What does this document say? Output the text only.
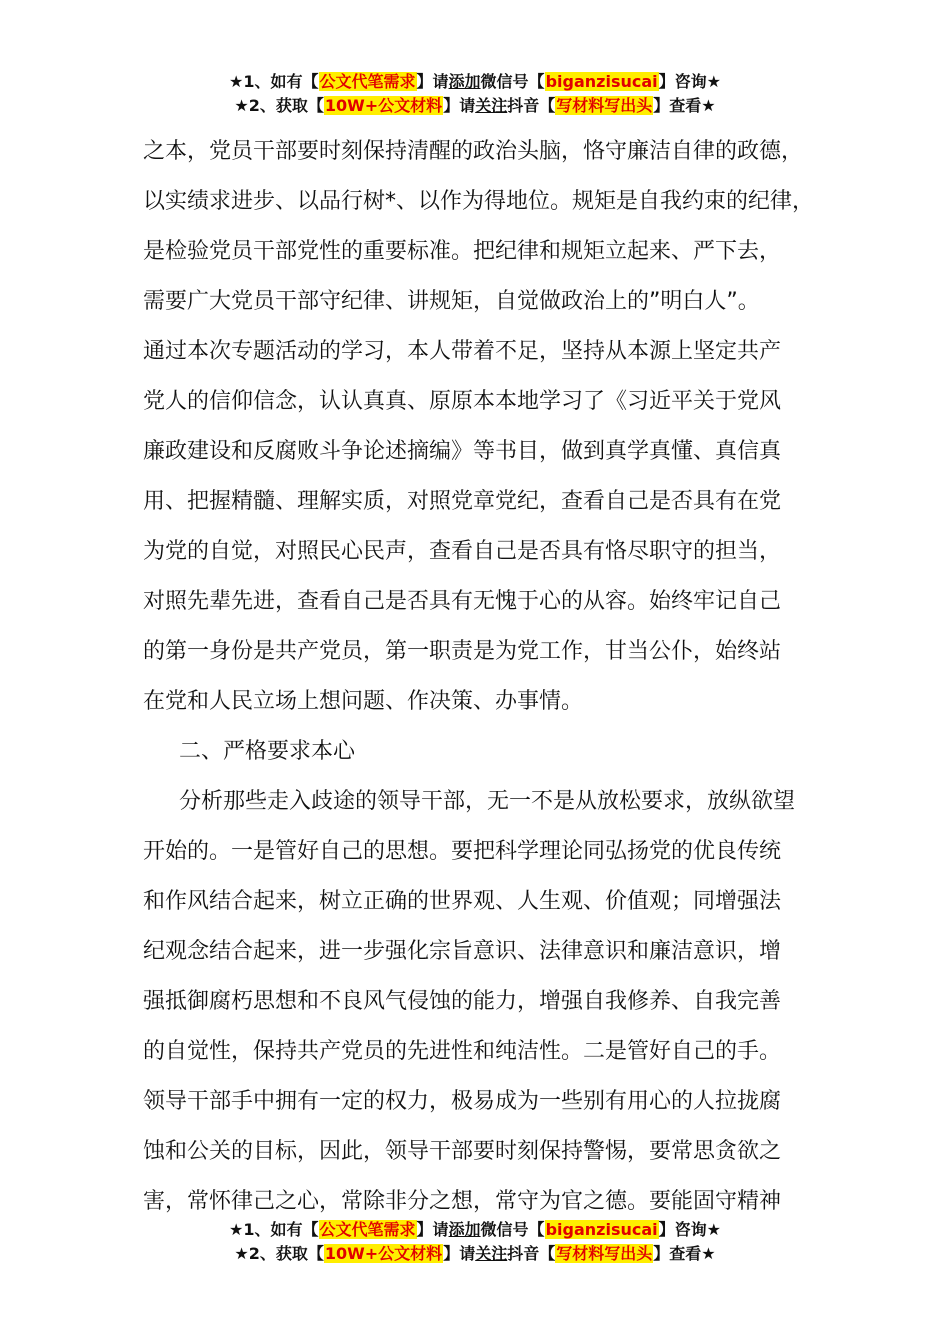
★1、如有【公文代笔需求】请添加微信号【biganzisucai】咨询★
★2、获取【10W+公文材料】请关注抖音【写材料写出头】查看★
之本，党员干部要时刻保持清醒的政治头脑，恪守廉洁自律的政德，
以实绩求进步、以品行树*、以作为得地位。规矩是自我约束的纪律，
是检验党员干部党性的重要标准。把纪律和规矩立起来、严下去，
需要广大党员干部守纪律、讲规矩，自觉做政治上的”明白人”。
通过本次专题活动的学习，本人带着不足，坚持从本源上坚定共产
党人的信仰信念，认认真真、原原本本地学习了《习近平关于党风
廉政建设和反腐败斗争论述摘编》等书目，做到真学真懂、真信真
用、把握精髓、理解实质，对照党章党纪，查看自己是否具有在党
为党的自觉，对照民心民声，查看自己是否具有恪尽职守的担当，
对照先辈先进，查看自己是否具有无愧于心的从容。始终牢记自己
的第一身份是共产党员，第一职责是为党工作，甘当公仆，始终站
在党和人民立场上想问题、作决策、办事情。
二、严格要求本心
分析那些走入歧途的领导干部，无一不是从放松要求，放纵欲望
开始的。一是管好自己的思想。要把科学理论同弘扬党的优良传统
和作风结合起来，树立正确的世界观、人生观、价值观；同增强法
纪观念结合起来，进一步强化宗旨意识、法律意识和廉洁意识，增
强抵御腐朽思想和不良风气侵蚀的能力，增强自我修养、自我完善
的自觉性，保持共产党员的先进性和纯洁性。二是管好自己的手。
领导干部手中拥有一定的权力，极易成为一些别有用心的人拉拢腐
蚀和公关的目标，因此，领导干部要时刻保持警惕，要常思贪欲之
害，常怀律己之心，常除非分之想，常守为官之德。要能固守精神
★1、如有【公文代笔需求】请添加微信号【biganzisucai】咨询★
★2、获取【10W+公文材料】请关注抖音【写材料写出头】查看★
